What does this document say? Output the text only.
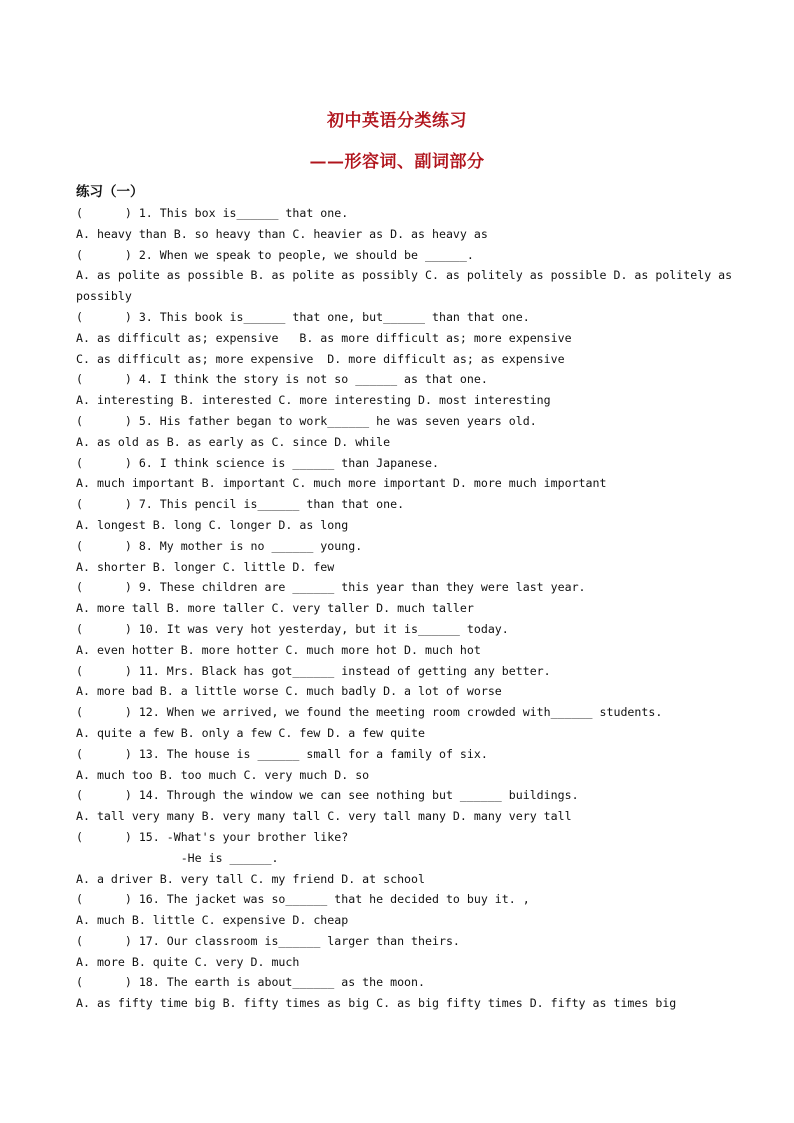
初中英语分类练习
——形容词、副词部分
练习（一）
(      ) 1. This box is______ that one.
A. heavy than B. so heavy than C. heavier as D. as heavy as
(      ) 2. When we speak to people, we should be ______.
A. as polite as possible B. as polite as possibly C. as politely as possible D. as politely as
possibly
(      ) 3. This book is______ that one, but______ than that one.
A. as difficult as; expensive   B. as more difficult as; more expensive
C. as difficult as; more expensive  D. more difficult as; as expensive
(      ) 4. I think the story is not so ______ as that one.
A. interesting B. interested C. more interesting D. most interesting
(      ) 5. His father began to work______ he was seven years old.
A. as old as B. as early as C. since D. while
(      ) 6. I think science is ______ than Japanese.
A. much important B. important C. much more important D. more much important
(      ) 7. This pencil is______ than that one.
A. longest B. long C. longer D. as long
(      ) 8. My mother is no ______ young.
A. shorter B. longer C. little D. few
(      ) 9. These children are ______ this year than they were last year.
A. more tall B. more taller C. very taller D. much taller
(      ) 10. It was very hot yesterday, but it is______ today.
A. even hotter B. more hotter C. much more hot D. much hot
(      ) 11. Mrs. Black has got______ instead of getting any better.
A. more bad B. a little worse C. much badly D. a lot of worse
(      ) 12. When we arrived, we found the meeting room crowded with______ students.
A. quite a few B. only a few C. few D. a few quite
(      ) 13. The house is ______ small for a family of six.
A. much too B. too much C. very much D. so
(      ) 14. Through the window we can see nothing but ______ buildings.
A. tall very many B. very many tall C. very tall many D. many very tall
(      ) 15. -What's your brother like?
-He is ______.
A. a driver B. very tall C. my friend D. at school
(      ) 16. The jacket was so______ that he decided to buy it. ,
A. much B. little C. expensive D. cheap
(      ) 17. Our classroom is______ larger than theirs.
A. more B. quite C. very D. much
(      ) 18. The earth is about______ as the moon.
A. as fifty time big B. fifty times as big C. as big fifty times D. fifty as times big
